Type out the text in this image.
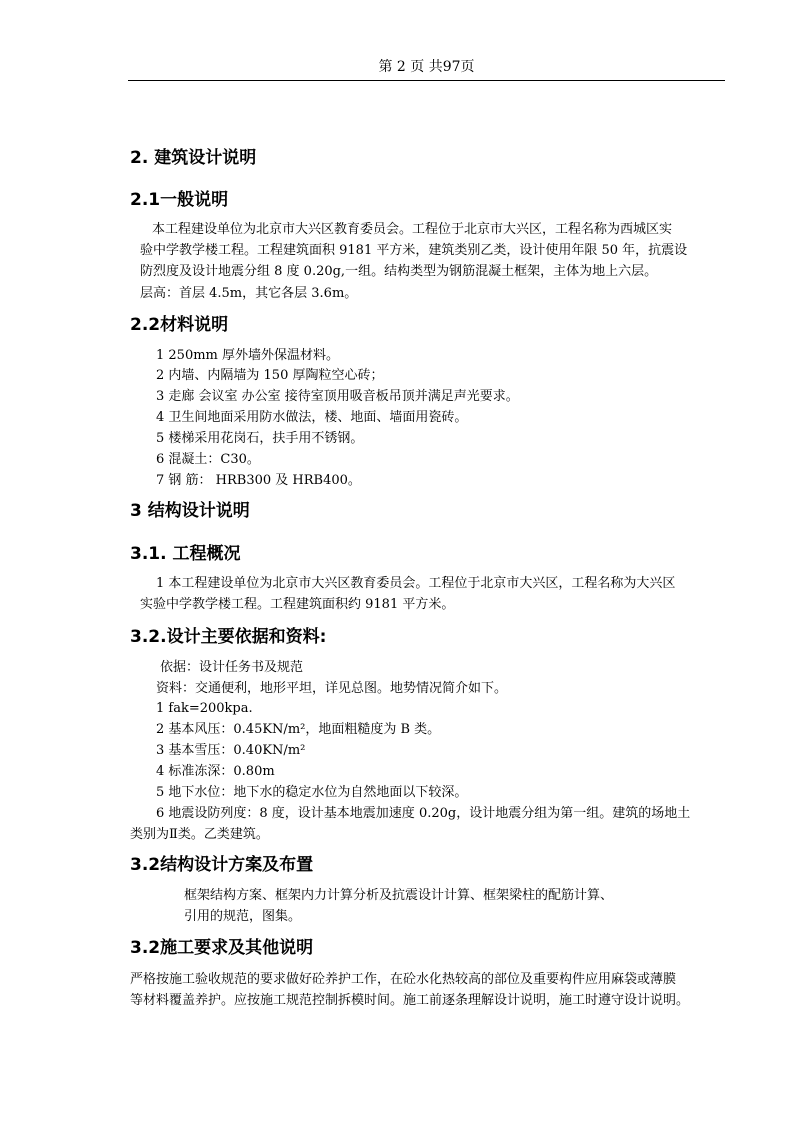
第 2 页 共97页
2. 建筑设计说明
2.1一般说明

本工程建设单位为北京市大兴区教育委员会。工程位于北京市大兴区，工程名称为西城区实

验中学教学楼工程。工程建筑面积 9181 平方米，建筑类别乙类，设计使用年限 50 年，抗震设

防烈度及设计地震分组 8 度 0.20g,一组。结构类型为钢筋混凝土框架，主体为地上六层。

层高：首层 4.5m，其它各层 3.6m。

2.2材料说明

1 250mm 厚外墙外保温材料。

2 内墙、内隔墙为 150 厚陶粒空心砖；

3 走廊 会议室 办公室 接待室顶用吸音板吊顶并满足声光要求。

4 卫生间地面采用防水做法，楼、地面、墙面用瓷砖。

5 楼梯采用花岗石，扶手用不锈钢。

6 混凝土：C30。

7 钢 筋： HRB300 及 HRB400。

3 结构设计说明
3.1. 工程概况

1 本工程建设单位为北京市大兴区教育委员会。工程位于北京市大兴区，工程名称为大兴区

实验中学教学楼工程。工程建筑面积约 9181 平方米。

3.2.设计主要依据和资料:

依据：设计任务书及规范

资料：交通便利，地形平坦，详见总图。地势情况简介如下。

1 fak=200kpa.

2 基本风压：0.45KN/m²，地面粗糙度为 B 类。

3 基本雪压：0.40KN/m²

4 标准冻深：0.80m

5 地下水位：地下水的稳定水位为自然地面以下较深。

6 地震设防列度：8 度，设计基本地震加速度 0.20g，设计地震分组为第一组。建筑的场地土

类别为Ⅱ类。乙类建筑。

3.2结构设计方案及布置

框架结构方案、框架内力计算分析及抗震设计计算、框架梁柱的配筋计算、

引用的规范，图集。

3.2施工要求及其他说明

严格按施工验收规范的要求做好砼养护工作，在砼水化热较高的部位及重要构件应用麻袋或薄膜

等材料覆盖养护。应按施工规范控制拆模时间。施工前逐条理解设计说明，施工时遵守设计说明。
